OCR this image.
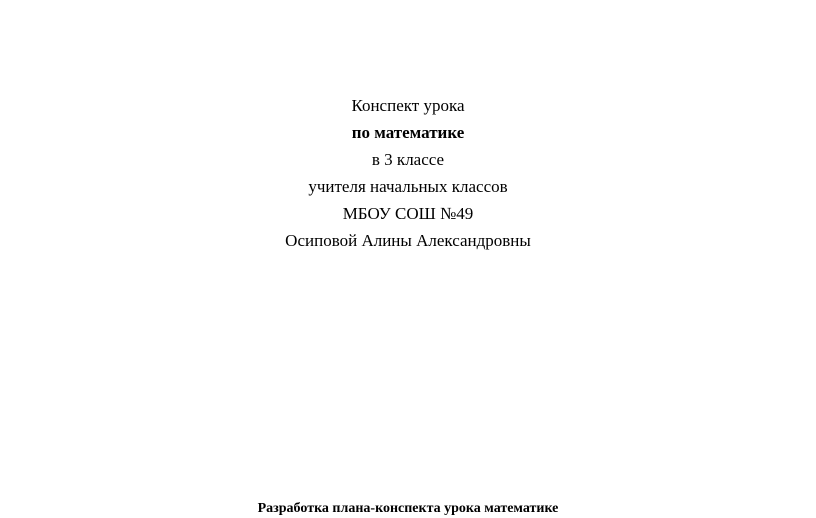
Конспект урока
по математике
в 3 классе
учителя начальных классов
МБОУ СОШ №49
Осиповой Алины Александровны
Разработка плана-конспекта урока математике
